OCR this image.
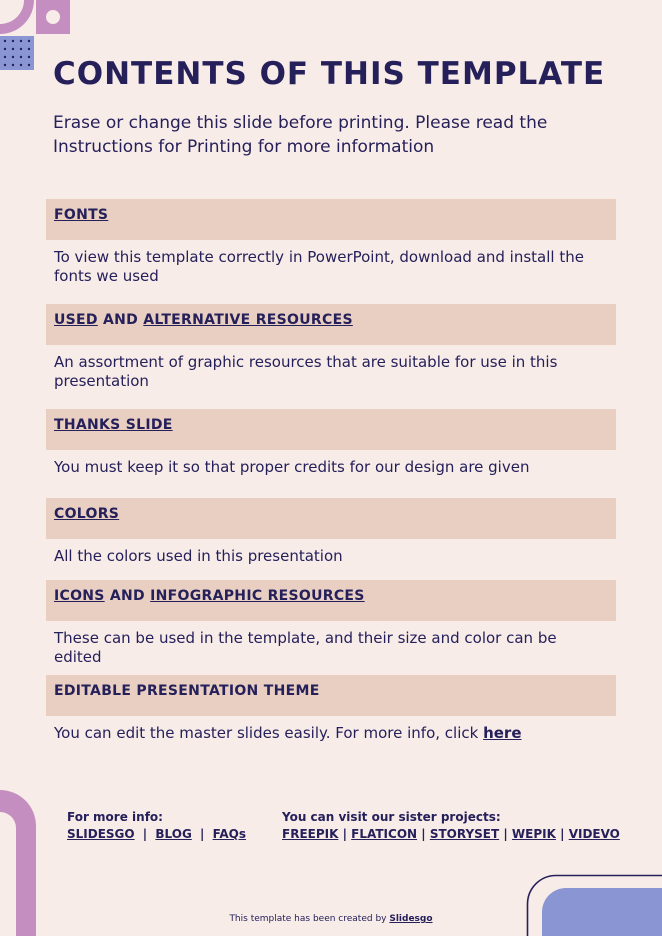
CONTENTS OF THIS TEMPLATE

Erase or change this slide before printing. Please read the Instructions for Printing for more information

FONTS
To view this template correctly in PowerPoint, download and install the fonts we used
USED AND ALTERNATIVE RESOURCES
An assortment of graphic resources that are suitable for use in this presentation
THANKS SLIDE
You must keep it so that proper credits for our design are given
COLORS
All the colors used in this presentation
ICONS AND INFOGRAPHIC RESOURCES
These can be used in the template, and their size and color can be edited
EDITABLE PRESENTATION THEME
You can edit the master slides easily. For more info, click here
For more info:
SLIDESGO | BLOG | FAQs
You can visit our sister projects:
FREEPIK | FLATICON | STORYSET | WEPIK | VIDEVO
This template has been created by Slidesgo
